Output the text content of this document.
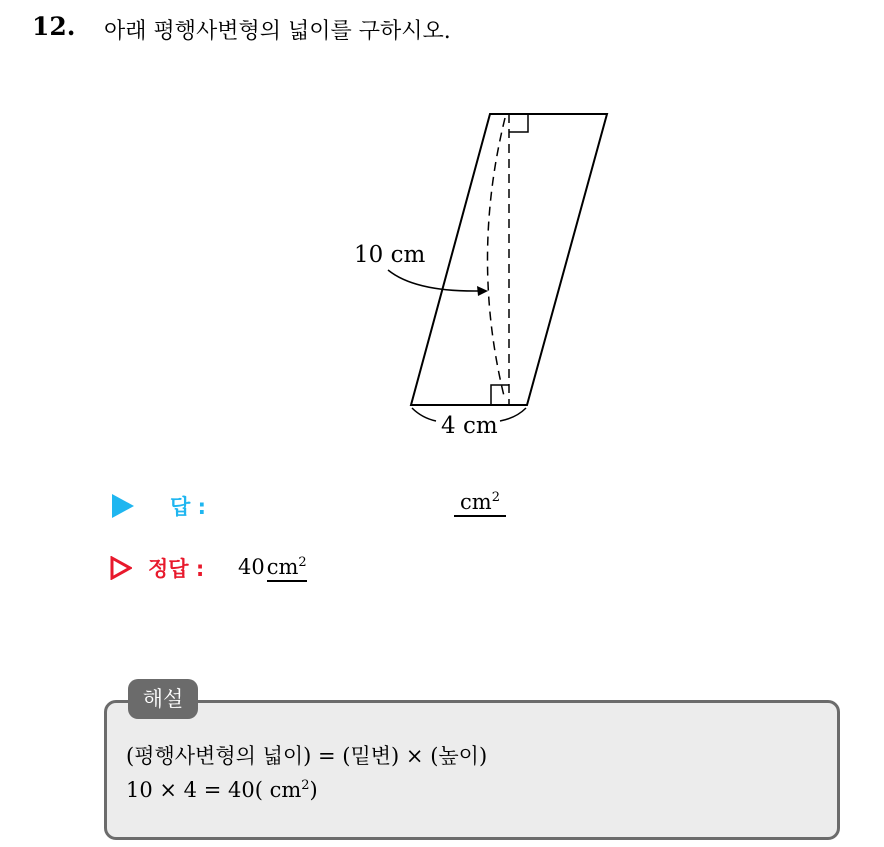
12. 아래 평행사변형의 넓이를 구하시오.
10 cm
4 cm
답 :	$cm^2$
정답 : $40cm^2$
해설
(평행사변형의 넓이) = (밑변) × (높이)
10 × 4 = 40( $cm^2$)
